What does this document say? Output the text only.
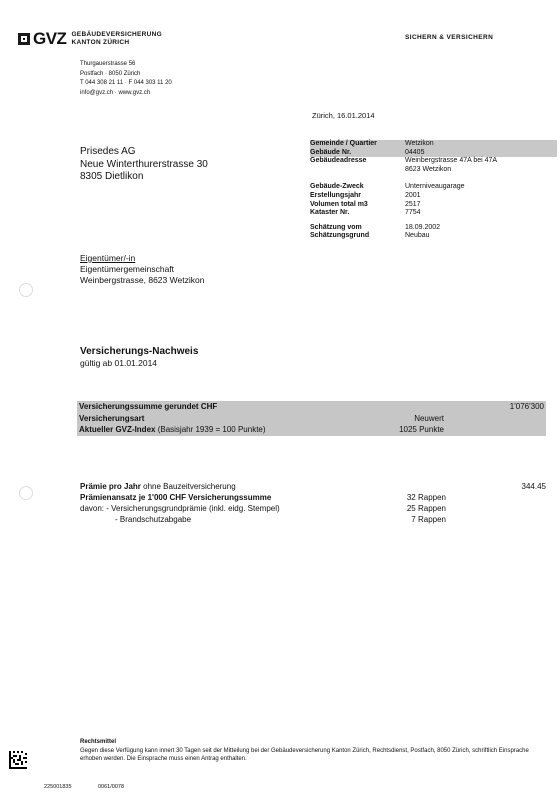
GVZ GEBÄUDEVERSICHERUNG
KANTON ZÜRICH
SICHERN & VERSICHERN
Thurgauerstrasse 56
Postfach · 8050 Zürich
T 044 308 21 11 · F 044 303 11 20
info@gvz.ch · www.gvz.ch
Zürich, 16.01.2014
Prisedes AG
Neue Winterthurerstrasse 30
8305 Dietlikon
Gemeinde / Quartier	Wetzikon
Gebäude Nr.	04405
Gebäudeadresse	Weinbergstrasse 47A bei 47A
8623 Wetzikon
Gebäude-Zweck	Unterniveaugarage
Erstellungsjahr	2001
Volumen total m3	2517
Kataster Nr.	7754
Schätzung vom	18.09.2002
Schätzungsgrund	Neubau
Eigentümer/-in
Eigentümergemeinschaft
Weinbergstrasse, 8623 Wetzikon
Versicherungs-Nachweis
gültig ab 01.01.2014
Versicherungssumme gerundet CHF	1'076'300
Versicherungsart	Neuwert
Aktueller GVZ-Index (Basisjahr 1939 = 100 Punkte)	1025 Punkte
Prämie pro Jahr ohne Bauzeitversicherung	344.45
Prämienansatz je 1'000 CHF Versicherungssumme	32 Rappen
davon: - Versicherungsgrundprämie (inkl. eidg. Stempel)	25 Rappen
- Brandschutzabgabe	7 Rappen
Rechtsmittel
Gegen diese Verfügung kann innert 30 Tagen seit der Mitteilung bei der Gebäudeversicherung Kanton Zürich, Rechtsdienst, Postfach, 8050 Zürich, schriftlich Einsprache erhoben werden. Die Einsprache muss einen Antrag enthalten.
225001835	0061/0078
